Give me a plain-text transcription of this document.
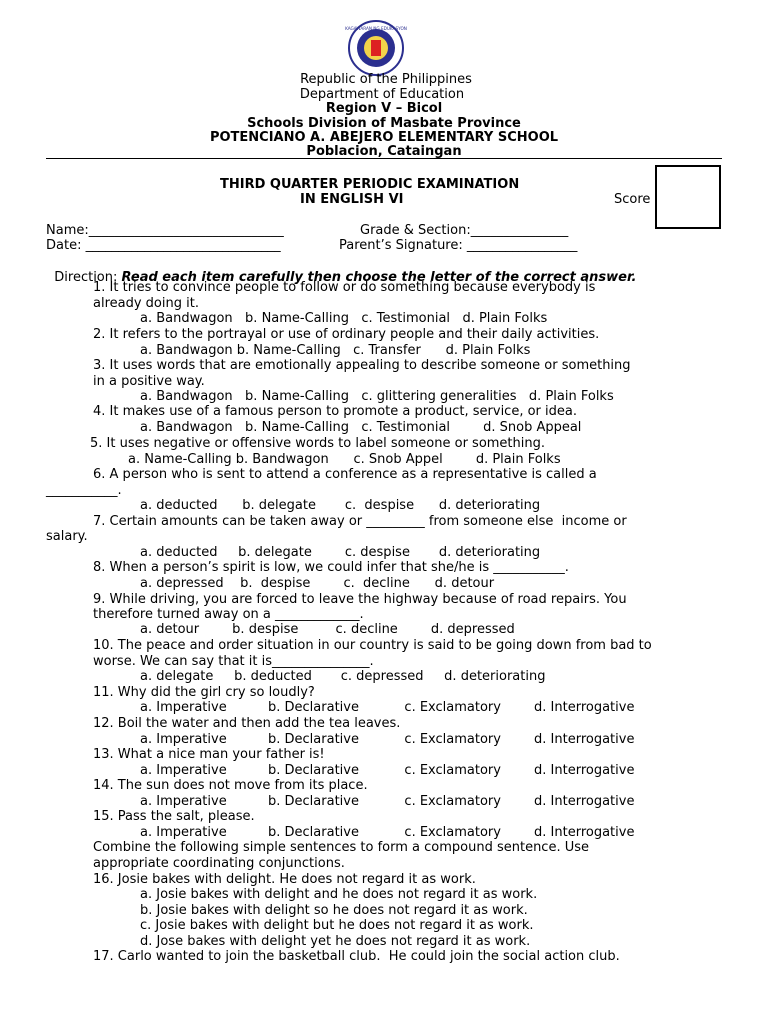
KAGAWARAN NG EDUKASYON
Republic of the Philippines
Department of Education
Region V – Bicol
Schools Division of Masbate Province
POTENCIANO A. ABEJERO ELEMENTARY SCHOOL
Poblacion, Cataingan
THIRD QUARTER PERIODIC EXAMINATION
IN ENGLISH VI	Score
Name:______________________________	Grade & Section:_______________
Date: ______________________________	Parent’s Signature: _________________

Direction: Read each item carefully then choose the letter of the correct answer.

1. It tries to convince people to follow or do something because everybody is
already doing it.
a. Bandwagon   b. Name-Calling   c. Testimonial   d. Plain Folks
2. It refers to the portrayal or use of ordinary people and their daily activities.
a. Bandwagon b. Name-Calling   c. Transfer      d. Plain Folks
3. It uses words that are emotionally appealing to describe someone or something
in a positive way.
a. Bandwagon   b. Name-Calling   c. glittering generalities   d. Plain Folks
4. It makes use of a famous person to promote a product, service, or idea.
a. Bandwagon   b. Name-Calling   c. Testimonial        d. Snob Appeal
5. It uses negative or offensive words to label someone or something.
a. Name-Calling b. Bandwagon      c. Snob Appel        d. Plain Folks
6. A person who is sent to attend a conference as a representative is called a
___________.
a. deducted      b. delegate       c.  despise      d. deteriorating
7. Certain amounts can be taken away or _________ from someone else  income or
salary.
a. deducted     b. delegate        c. despise       d. deteriorating
8. When a person’s spirit is low, we could infer that she/he is ___________.
a. depressed    b.  despise        c.  decline      d. detour
9. While driving, you are forced to leave the highway because of road repairs. You
therefore turned away on a _____________.
a. detour        b. despise         c. decline        d. depressed
10. The peace and order situation in our country is said to be going down from bad to
worse. We can say that it is_______________.
a. delegate     b. deducted       c. depressed     d. deteriorating
11. Why did the girl cry so loudly?
a. Imperative          b. Declarative           c. Exclamatory        d. Interrogative
12. Boil the water and then add the tea leaves.
a. Imperative          b. Declarative           c. Exclamatory        d. Interrogative
13. What a nice man your father is!
a. Imperative          b. Declarative           c. Exclamatory        d. Interrogative
14. The sun does not move from its place.
a. Imperative          b. Declarative           c. Exclamatory        d. Interrogative
15. Pass the salt, please.
a. Imperative          b. Declarative           c. Exclamatory        d. Interrogative
Combine the following simple sentences to form a compound sentence. Use
appropriate coordinating conjunctions.
16. Josie bakes with delight. He does not regard it as work.
a. Josie bakes with delight and he does not regard it as work.
b. Josie bakes with delight so he does not regard it as work.
c. Josie bakes with delight but he does not regard it as work.
d. Jose bakes with delight yet he does not regard it as work.
17. Carlo wanted to join the basketball club.  He could join the social action club.
